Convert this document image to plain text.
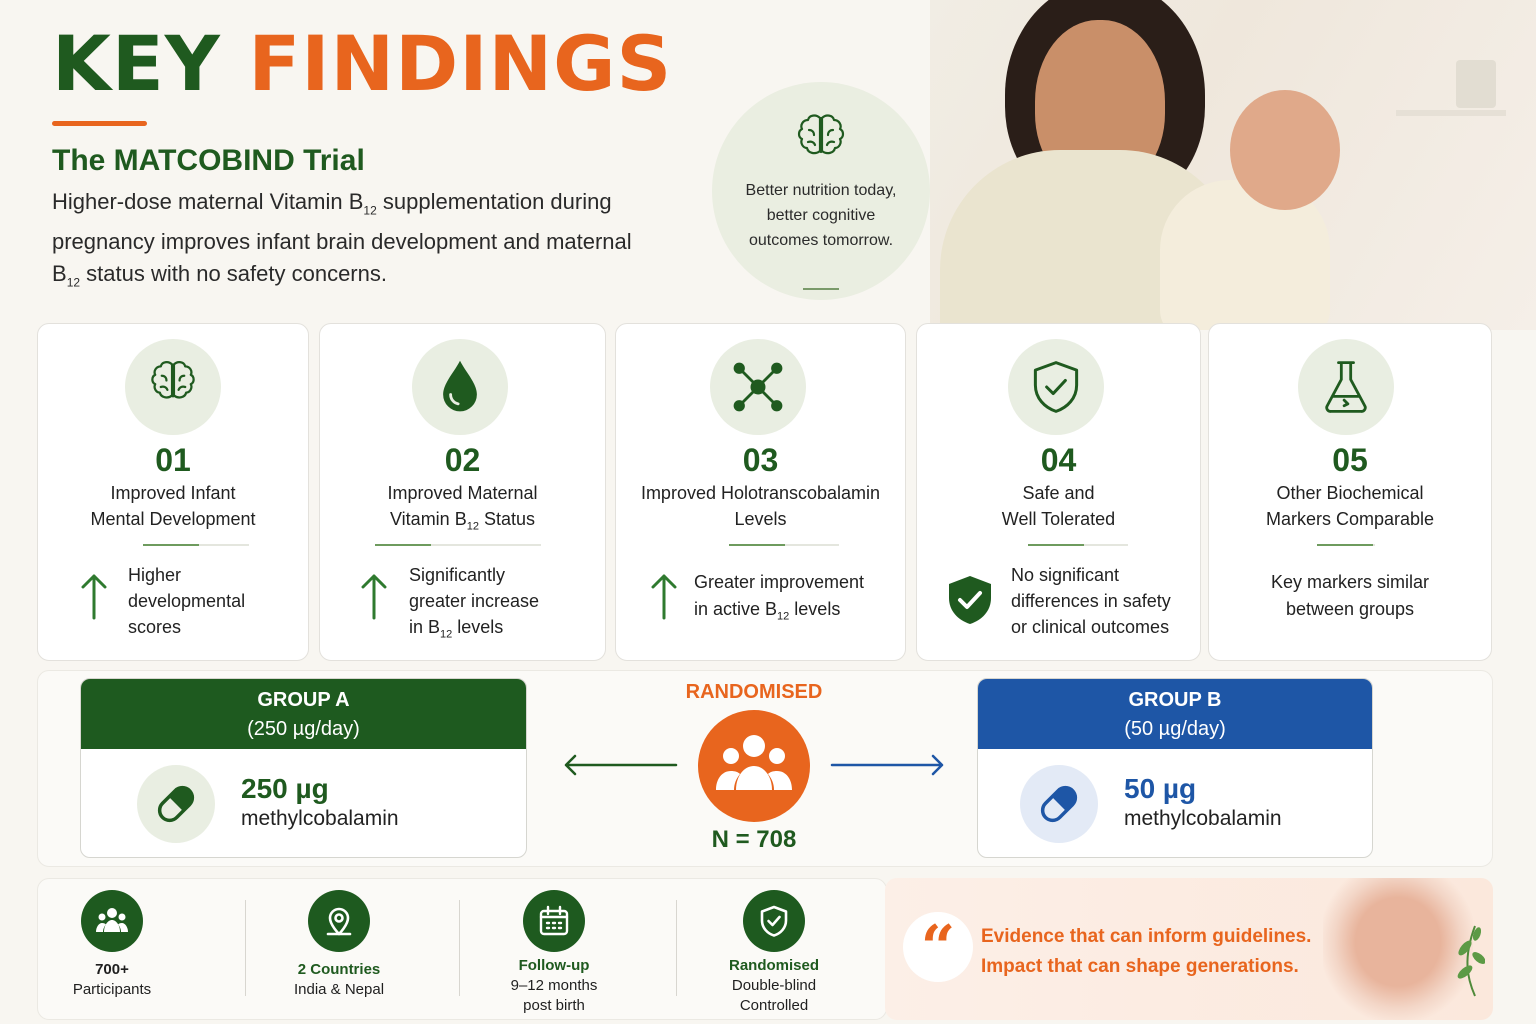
KEY FINDINGS
The MATCOBIND Trial
Higher-dose maternal Vitamin $B_{12}$ supplementation during pregnancy improves infant brain development and maternal $B_{12}$ status with no safety concerns.
Better nutrition today, better cognitive outcomes tomorrow.
01
Improved Infant
Mental Development
Higher
developmental
scores
02
Improved Maternal
Vitamin $B_{12}$ Status
Significantly
greater increase
in $B_{12}$ levels
03
Improved Holotranscobalamin
Levels
Greater improvement
in active $B_{12}$ levels
04
Safe and
Well Tolerated
No significant
differences in safety
or clinical outcomes
05
Other Biochemical
Markers Comparable
Key markers similar
between groups
GROUP A
(250 µg/day)
250 µg
methylcobalamin
RANDOMISED
N = 708
GROUP B
(50 µg/day)
50 µg
methylcobalamin
700+
Participants
2 Countries
India & Nepal
Follow-up
9–12 months
post birth
Randomised
Double-blind
Controlled
“	Evidence that can inform guidelines.
Impact that can shape generations.
